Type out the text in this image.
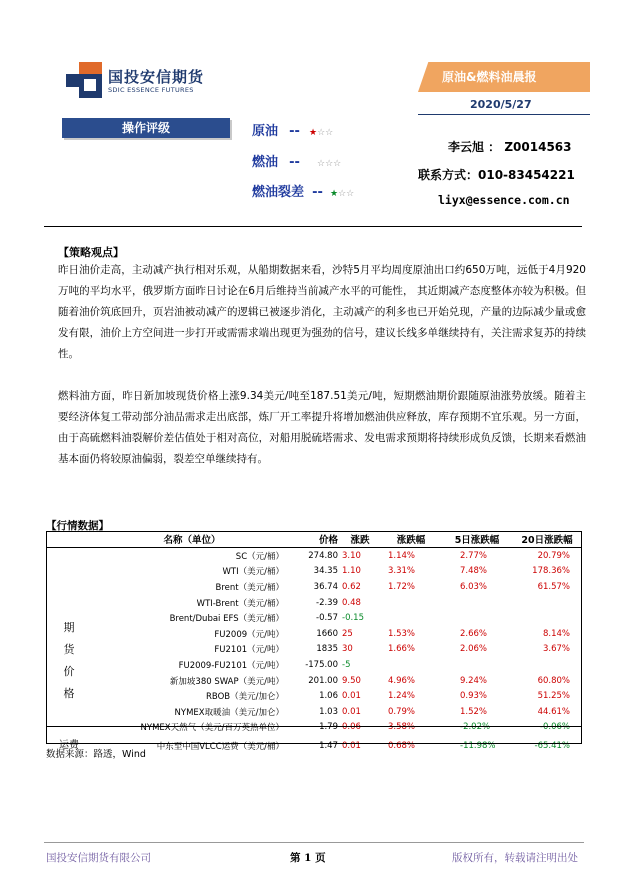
国投安信期货
SDIC ESSENCE FUTURES
原油&燃料油晨报
2020/5/27
操作评级	原油 -- ★☆☆
燃油 -- ☆☆☆
燃油裂差 -- ★☆☆
李云旭 ： Z0014563
联系方式：010-83454221
liyx@essence.com.cn
【策略观点】
昨日油价走高，主动减产执行相对乐观，从船期数据来看，沙特5月平均周度原油出口约650万吨，远低于4月920万吨的平均水平，俄罗斯方面昨日讨论在6月后维持当前减产水平的可能性， 其近期减产态度整体亦较为积极。但随着油价筑底回升，页岩油被动减产的逻辑已被逐步消化，主动减产的利多也已开始兑现，产量的边际减少量或愈发有限，油价上方空间进一步打开或需需求端出现更为强劲的信号，建议长线多单继续持有，关注需求复苏的持续性。
燃料油方面，昨日新加坡现货价格上涨9.34美元/吨至187.51美元/吨，短期燃油期价跟随原油涨势放缓。随着主要经济体复工带动部分油品需求走出底部，炼厂开工率提升将增加燃油供应释放，库存预期不宜乐观。另一方面，由于高硫燃料油裂解价差估值处于相对高位，对船用脱硫塔需求、发电需求预期将持续形成负反馈，长期来看燃油基本面仍将较原油偏弱，裂差空单继续持有。
【行情数据】
	名称（单位）	价格	涨跌	涨跌幅	5日涨跌幅	20日涨跌幅
期
货
价
格	SC（元/桶）	274.80	3.10	1.14%	2.77%	20.79%
	WTI（美元/桶）	34.35	1.10	3.31%	7.48%	178.36%
	Brent（美元/桶）	36.74	0.62	1.72%	6.03%	61.57%
	WTI-Brent（美元/桶）	-2.39	0.48			
	Brent/Dubai EFS（美元/桶）	-0.57	-0.15			
	FU2009（元/吨）	1660	25	1.53%	2.66%	8.14%
	FU2101（元/吨）	1835	30	1.66%	2.06%	3.67%
	FU2009-FU2101（元/吨）	-175.00	-5			
	新加坡380 SWAP（美元/吨）	201.00	9.50	4.96%	9.24%	60.80%
	RBOB（美元/加仑）	1.06	0.01	1.24%	0.93%	51.25%
	NYMEX取暖油（美元/加仑）	1.03	0.01	0.79%	1.52%	44.61%
	NYMEX天然气（美元/百万英热单位）	1.79	0.06	3.58%	-2.02%	-0.06%
运费	中东至中国VLCC运费（美元/桶）	1.47	0.01	0.68%	-11.98%	-65.41%
数据来源：路透，Wind
国投安信期货有限公司	第 1 页	版权所有，转载请注明出处
